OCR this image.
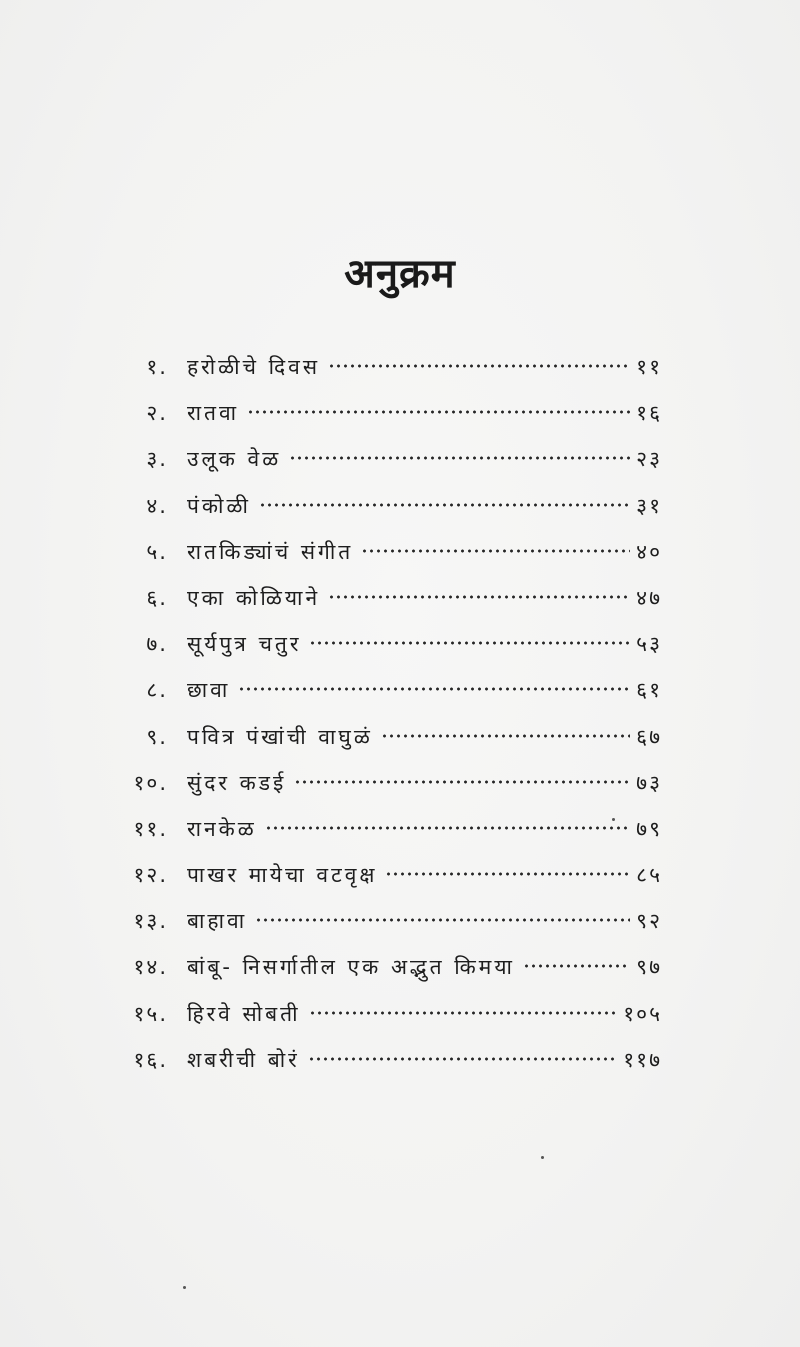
अनुक्रम
१. हरोळीचे दिवस	११
२. रातवा	१६
३. उलूक वेळ	२३
४. पंकोळी	३१
५. रातकिड्यांचं संगीत	४०
६. एका कोळियाने	४७
७. सूर्यपुत्र चतुर	५३
८. छावा	६१
९. पवित्र पंखांची वाघुळं	६७
१०. सुंदर कडई	७३
११. रानकेळ	७९
१२. पाखर मायेचा वटवृक्ष	८५
१३. बाहावा	९२
१४. बांबू- निसर्गातील एक अद्भुत किमया	९७
१५. हिरवे सोबती	१०५
१६. शबरीची बोरं	११७
